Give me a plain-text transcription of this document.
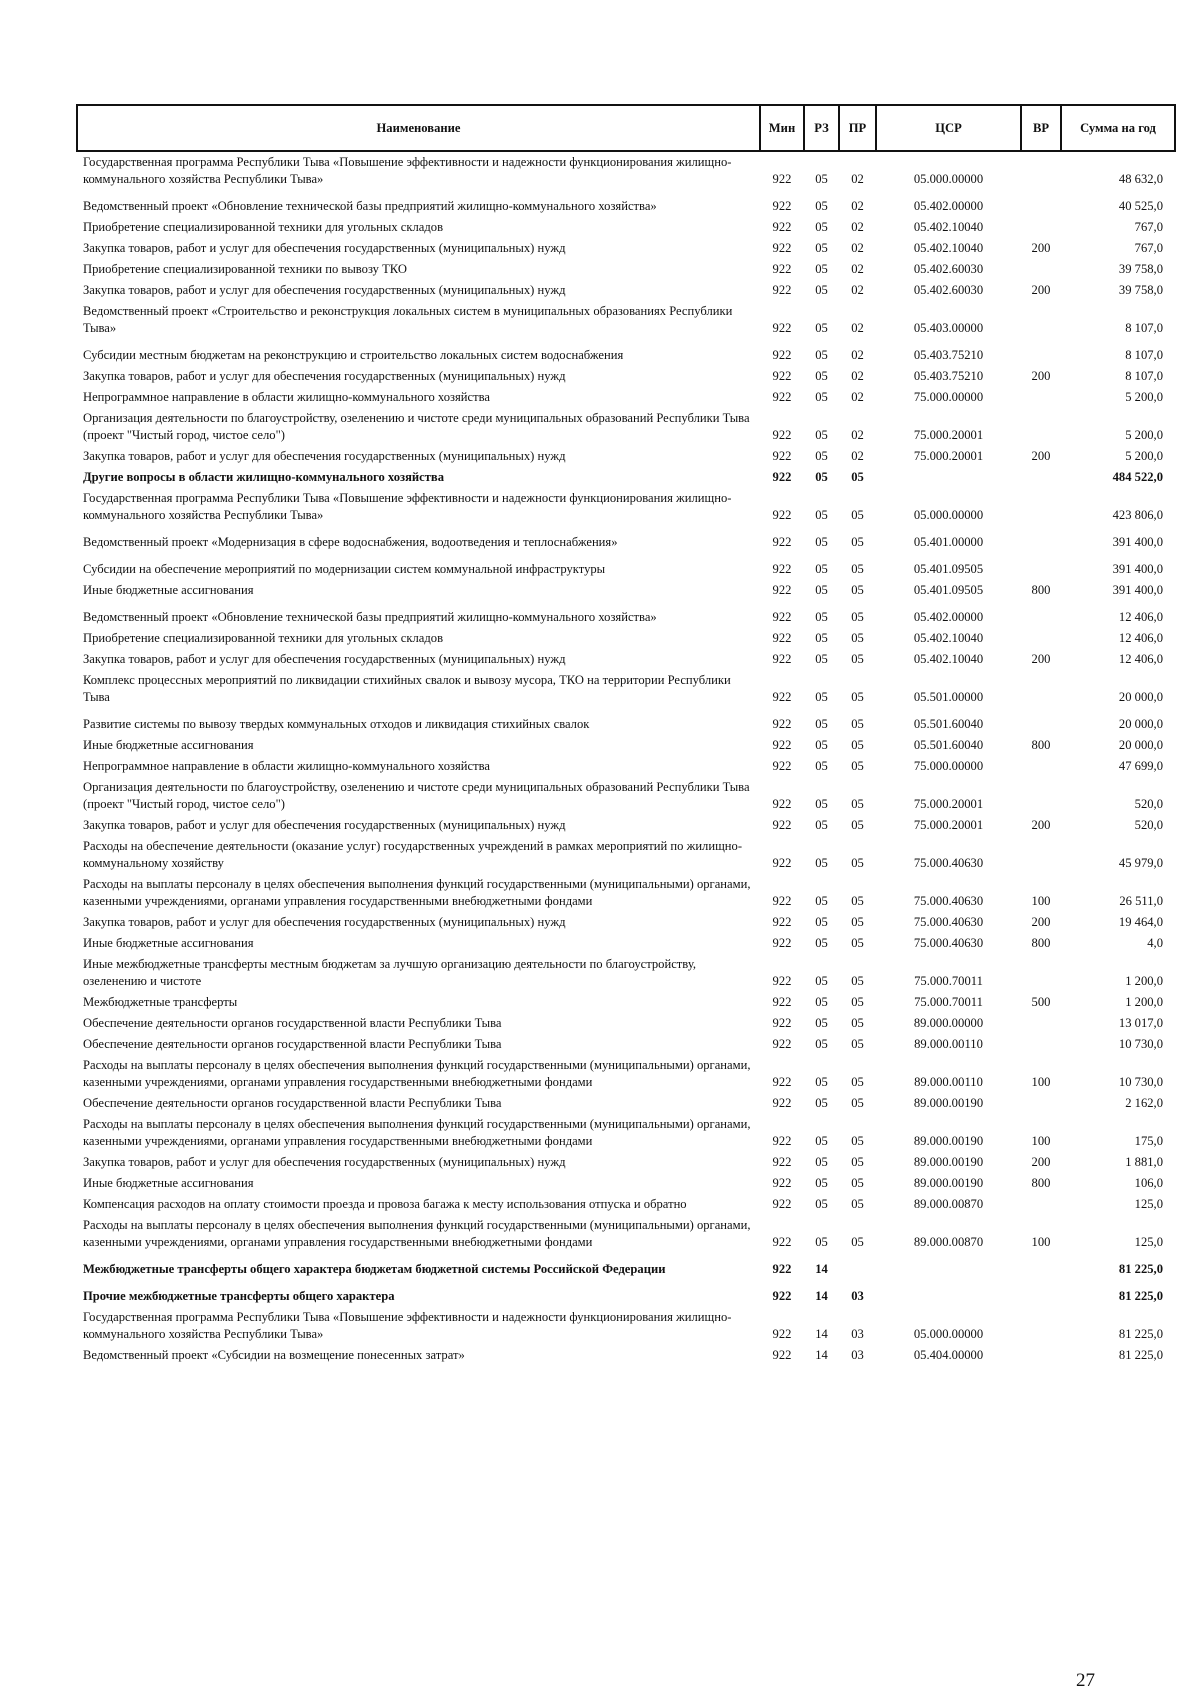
Наименование	Мин	РЗ	ПР	ЦСР	ВР	Сумма на год
Государственная программа Республики Тыва «Повышение эффективности и надежности функционирования жилищно-коммунального хозяйства Республики Тыва»	922	05	02	05.000.00000		48 632,0
Ведомственный проект «Обновление технической базы предприятий жилищно-коммунального хозяйства»	922	05	02	05.402.00000		40 525,0
Приобретение специализированной техники для угольных складов	922	05	02	05.402.10040		767,0
Закупка товаров, работ и услуг для обеспечения государственных (муниципальных) нужд	922	05	02	05.402.10040	200	767,0
Приобретение специализированной техники по вывозу ТКО	922	05	02	05.402.60030		39 758,0
Закупка товаров, работ и услуг для обеспечения государственных (муниципальных) нужд	922	05	02	05.402.60030	200	39 758,0
Ведомственный проект «Строительство и реконструкция локальных систем в муниципальных образованиях Республики Тыва»	922	05	02	05.403.00000		8 107,0
Субсидии местным бюджетам на реконструкцию и строительство локальных систем водоснабжения	922	05	02	05.403.75210		8 107,0
Закупка товаров, работ и услуг для обеспечения государственных (муниципальных) нужд	922	05	02	05.403.75210	200	8 107,0
Непрограммное направление в области жилищно-коммунального хозяйства	922	05	02	75.000.00000		5 200,0
Организация деятельности по благоустройству, озеленению и чистоте среди муниципальных образований Республики Тыва (проект "Чистый город, чистое село")	922	05	02	75.000.20001		5 200,0
Закупка товаров, работ и услуг для обеспечения государственных (муниципальных) нужд	922	05	02	75.000.20001	200	5 200,0
Другие вопросы в области жилищно-коммунального хозяйства	922	05	05			484 522,0
Государственная программа Республики Тыва «Повышение эффективности и надежности функционирования жилищно-коммунального хозяйства Республики Тыва»	922	05	05	05.000.00000		423 806,0
Ведомственный проект «Модернизация в сфере водоснабжения, водоотведения и теплоснабжения»	922	05	05	05.401.00000		391 400,0
Субсидии на обеспечение мероприятий по модернизации систем коммунальной инфраструктуры	922	05	05	05.401.09505		391 400,0
Иные бюджетные ассигнования	922	05	05	05.401.09505	800	391 400,0
Ведомственный проект «Обновление технической базы предприятий жилищно-коммунального хозяйства»	922	05	05	05.402.00000		12 406,0
Приобретение специализированной техники для угольных складов	922	05	05	05.402.10040		12 406,0
Закупка товаров, работ и услуг для обеспечения государственных (муниципальных) нужд	922	05	05	05.402.10040	200	12 406,0
Комплекс процессных мероприятий по ликвидации стихийных свалок и вывозу мусора, ТКО на территории Республики Тыва	922	05	05	05.501.00000		20 000,0
Развитие системы по вывозу твердых коммунальных отходов и ликвидация стихийных свалок	922	05	05	05.501.60040		20 000,0
Иные бюджетные ассигнования	922	05	05	05.501.60040	800	20 000,0
Непрограммное направление в области жилищно-коммунального хозяйства	922	05	05	75.000.00000		47 699,0
Организация деятельности по благоустройству, озеленению и чистоте среди муниципальных образований Республики Тыва (проект "Чистый город, чистое село")	922	05	05	75.000.20001		520,0
Закупка товаров, работ и услуг для обеспечения государственных (муниципальных) нужд	922	05	05	75.000.20001	200	520,0
Расходы на обеспечение деятельности (оказание услуг) государственных учреждений в рамках мероприятий по жилищно-коммунальному хозяйству	922	05	05	75.000.40630		45 979,0
Расходы на выплаты персоналу в целях обеспечения выполнения функций государственными (муниципальными) органами, казенными учреждениями, органами управления государственными внебюджетными фондами	922	05	05	75.000.40630	100	26 511,0
Закупка товаров, работ и услуг для обеспечения государственных (муниципальных) нужд	922	05	05	75.000.40630	200	19 464,0
Иные бюджетные ассигнования	922	05	05	75.000.40630	800	4,0
Иные межбюджетные трансферты местным бюджетам за лучшую организацию деятельности по благоустройству, озеленению и чистоте	922	05	05	75.000.70011		1 200,0
Межбюджетные трансферты	922	05	05	75.000.70011	500	1 200,0
Обеспечение деятельности органов государственной власти Республики Тыва	922	05	05	89.000.00000		13 017,0
Обеспечение деятельности органов государственной власти Республики Тыва	922	05	05	89.000.00110		10 730,0
Расходы на выплаты персоналу в целях обеспечения выполнения функций государственными (муниципальными) органами, казенными учреждениями, органами управления государственными внебюджетными фондами	922	05	05	89.000.00110	100	10 730,0
Обеспечение деятельности органов государственной власти Республики Тыва	922	05	05	89.000.00190		2 162,0
Расходы на выплаты персоналу в целях обеспечения выполнения функций государственными (муниципальными) органами, казенными учреждениями, органами управления государственными внебюджетными фондами	922	05	05	89.000.00190	100	175,0
Закупка товаров, работ и услуг для обеспечения государственных (муниципальных) нужд	922	05	05	89.000.00190	200	1 881,0
Иные бюджетные ассигнования	922	05	05	89.000.00190	800	106,0
Компенсация расходов на оплату стоимости проезда и провоза багажа к месту использования отпуска и обратно	922	05	05	89.000.00870		125,0
Расходы на выплаты персоналу в целях обеспечения выполнения функций государственными (муниципальными) органами, казенными учреждениями, органами управления государственными внебюджетными фондами	922	05	05	89.000.00870	100	125,0
Межбюджетные трансферты общего характера бюджетам бюджетной системы Российской Федерации	922	14				81 225,0
Прочие межбюджетные трансферты общего характера	922	14	03			81 225,0
Государственная программа Республики Тыва «Повышение эффективности и надежности функционирования жилищно-коммунального хозяйства Республики Тыва»	922	14	03	05.000.00000		81 225,0
Ведомственный проект «Субсидии на возмещение понесенных затрат»	922	14	03	05.404.00000		81 225,0
27
